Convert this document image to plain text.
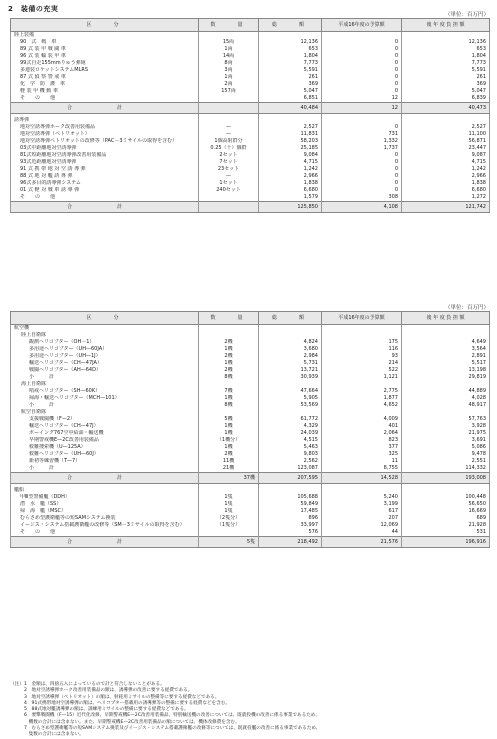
2　装備の充実
（単位：百万円）
区　　分	数　　量	総　　額	平成16年度の予算額	後 年 度 負 担 額
陸上装備				
90　式　戦　車	15両	12,136	0	12,136
89 式 装 甲 戦 闘 車	1両	653	0	653
96 式 装 輪 装 甲 車	14両	1,804	0	1,804
99式自走155mmりゅう弾砲	8両	7,773	0	7,773
多連装ロケットシステムMLRS	3両	5,591	0	5,591
87 式 偵 察 警 戒 車	1両	261	0	261
化　学　防　護　車	2両	369	0	369
軽 装 甲 機 動 車	157両	5,047	0	5,047
そ　　の　　他		6,851	12	6,839
合　計		40,484	12	40,473

誘導弾				
地対空誘導弾ホーク改善用装備品	—	2,527	0	2,527
地対空誘導弾（ペトリオット）	—	11,831	731	11,100
地対空誘導弾ペトリオットの改修等（PAC－3ミサイルの取得を含む）	1個高射群分	58,203	1,332	56,871
03式中距離地対空誘導弾	0.25（十）個群	25,185	1,737	23,447
81式短距離地対空誘導弾改善用装備品	2セット	9,084	0	9,087
93式近距離地対空誘導弾	7セット	4,715	0	4,715
91 式 携 帯 地 対 空 誘 導 弾	23セット	1,242	0	1,242
88 式 地 対 艦 誘 導 弾	—	2,966	0	2,966
96式多目的誘導弾システム	1セット	1,838	0	1,838
01 式 軽 対 戦 車 誘 導 弾	240セット	6,680	0	6,680
そ　　の　　他		1,579	308	1,272
合　計		125,850	4,108	121,742
（単位：百万円）
区　　分	数　　量	総　　額	平成16年度の予算額	後 年 度 負 担 額
航空機				
陸上自衛隊				
観測ヘリコプター（OH－1）	2機	4,824	175	4,649
多用途ヘリコプター（UH—60JA）	1機	3,680	116	3,564
多用途ヘリコプター（UH—1J）	2機	2,984	93	2,891
輸送ヘリコプター（CH—47JA）	1機	5,731	214	5,517
戦闘ヘリコプター（AH—64D）	2機	13,721	522	13,198
小　　　計	8機	30,939	1,121	29,819
海上自衛隊				
哨戒ヘリコプター（SH—60K）	7機	47,664	2,775	44,889
掃海・輸送ヘリコプター（MCH—101）	1機	5,905	1,877	4,028
小　　　計	8機	53,569	4,652	48,917
航空自衛隊				
支援戦闘機（F—2）	5機	61,772	4,009	57,763
輸送ヘリコプター（CH—47J）	1機	4,329	401	3,928
ボーイング767空中給油・輸送機	1機	24,039	2,064	21,975
早期警戒機E—2C改善用装備品	（1機分）	4,515	823	3,691
救難捜索機（U—125A）	1機	5,463	377	5,086
救難ヘリコプター（UH—60J）	2機	9,803	325	9,478
新初等練習機（T—7）	11機	2,562	11	2,551
小　　　計	21機	123,087	8,755	114,332
合　計	37機	207,595	14,528	193,008

艦船				
甲Ⅲ型警備艦（DDH）	1隻	105,688	5,240	100,448
潜　水　艦（SS）	1隻	59,849	3,199	56,650
掃　海　艦（MSC）	1隻	17,485	617	16,669
むらさめ型護衛艦等の短SAMシステム換装	（2隻分）	896	207	689
イージス・システム搭載護衛艦の改修等（SM－3ミサイルの取得を含む）	（1隻分）	33,997	12,069	21,928
そ　　の　　他		576	44	531
合　計	5隻	218,492	21,576	196,916
（注） 1　金額は、四捨五入によっているので計と符合しないことがある。
2　地対空誘導弾ホーク改善用装備品の額は、誘導弾の改善に要する経費である。
3　地対空誘導弾（ペトリオット）の額は、射耗用ミサイルの整備等に要する経費などである。
4　91式携帯地対空誘導弾の額は、ヘリコプター搭載用の誘導弾等の整備に要する経費などを含む。
5　88式地対艦誘導弾の額は、訓練用ミサイルの整備に要する経費などである。
6　要撃戦闘機（F—15）近代化改修、早期警戒機E—2C改善用装備品、特別輸送機の改善については、既就役機の改善に係る事業であるため、
　機数の合計には含まない。また、早期警戒機E—2C改善用装備品の額については、機体改修費を含む。
7　むらさめ型護衛艦等の短SAMシステム換装及びイージス・システム搭載護衛艦の改修等については、既就役艦の改善に係る事業であるため、
　隻数の合計には含まない。
